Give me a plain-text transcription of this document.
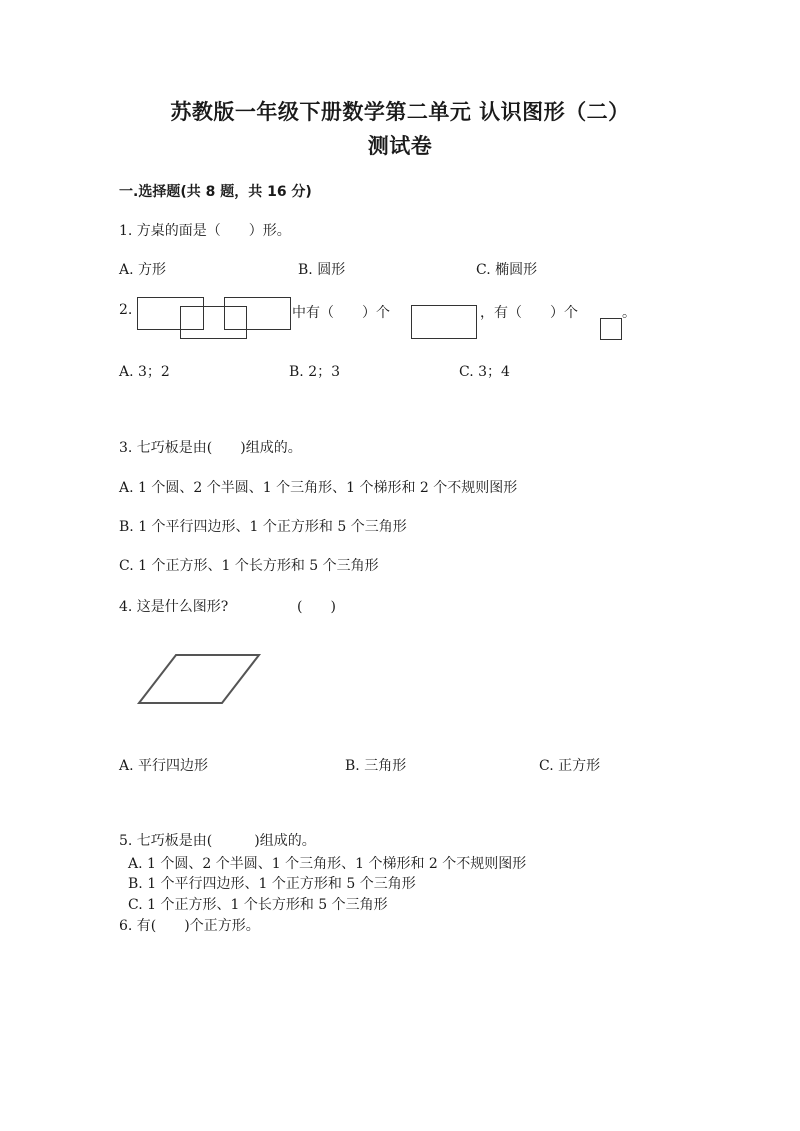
苏教版一年级下册数学第二单元 认识图形（二）
测试卷
一.选择题(共 8 题，共 16 分)
1. 方桌的面是（　　）形。
A. 方形	B. 圆形	C. 椭圆形
2.	中有（　　）个	，有（　　）个	。
A. 3；2	B. 2；3	C. 3；4
3. 七巧板是由(　　)组成的。
A. 1 个圆、2 个半圆、1 个三角形、1 个梯形和 2 个不规则图形
B. 1 个平行四边形、1 个正方形和 5 个三角形
C. 1 个正方形、1 个长方形和 5 个三角形
4. 这是什么图形?	(　　)
A. 平行四边形	B. 三角形	C. 正方形
5. 七巧板是由(　　　)组成的。
A. 1 个圆、2 个半圆、1 个三角形、1 个梯形和 2 个不规则图形
B. 1 个平行四边形、1 个正方形和 5 个三角形
C. 1 个正方形、1 个长方形和 5 个三角形
6. 有(　　)个正方形。
